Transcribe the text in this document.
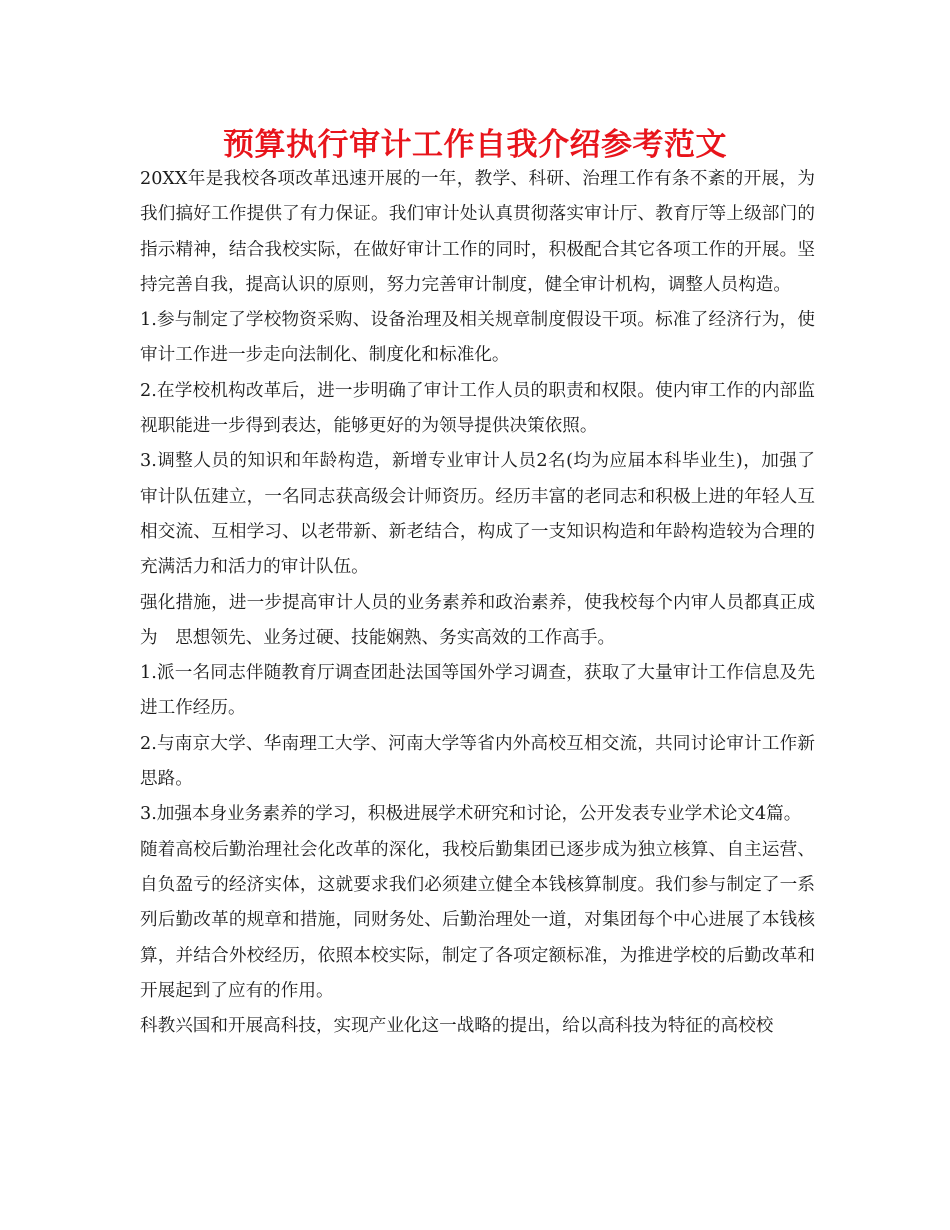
预算执行审计工作自我介绍参考范文

20XX年是我校各项改革迅速开展的一年，教学、科研、治理工作有条不紊的开展，为我们搞好工作提供了有力保证。我们审计处认真贯彻落实审计厅、教育厅等上级部门的指示精神，结合我校实际，在做好审计工作的同时，积极配合其它各项工作的开展。坚持完善自我，提高认识的原则，努力完善审计制度，健全审计机构，调整人员构造。

1.参与制定了学校物资采购、设备治理及相关规章制度假设干项。标准了经济行为，使审计工作进一步走向法制化、制度化和标准化。

2.在学校机构改革后，进一步明确了审计工作人员的职责和权限。使内审工作的内部监视职能进一步得到表达，能够更好的为领导提供决策依照。

3.调整人员的知识和年龄构造，新增专业审计人员2名(均为应届本科毕业生)，加强了审计队伍建立，一名同志获高级会计师资历。经历丰富的老同志和积极上进的年轻人互相交流、互相学习、以老带新、新老结合，构成了一支知识构造和年龄构造较为合理的充满活力和活力的审计队伍。

强化措施，进一步提高审计人员的业务素养和政治素养，使我校每个内审人员都真正成为　思想领先、业务过硬、技能娴熟、务实高效的工作高手。

1.派一名同志伴随教育厅调查团赴法国等国外学习调查，获取了大量审计工作信息及先进工作经历。

2.与南京大学、华南理工大学、河南大学等省内外高校互相交流，共同讨论审计工作新思路。

3.加强本身业务素养的学习，积极进展学术研究和讨论，公开发表专业学术论文4篇。

随着高校后勤治理社会化改革的深化，我校后勤集团已逐步成为独立核算、自主运营、自负盈亏的经济实体，这就要求我们必须建立健全本钱核算制度。我们参与制定了一系列后勤改革的规章和措施，同财务处、后勤治理处一道，对集团每个中心进展了本钱核算，并结合外校经历，依照本校实际，制定了各项定额标准，为推进学校的后勤改革和开展起到了应有的作用。

科教兴国和开展高科技，实现产业化这一战略的提出，给以高科技为特征的高校校
